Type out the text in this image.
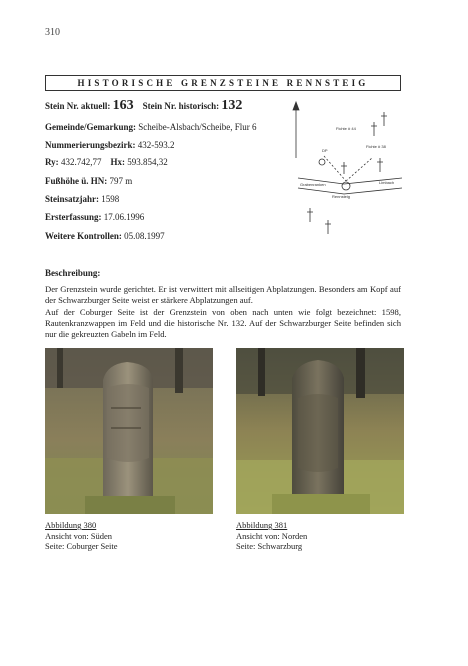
310
HISTORISCHE GRENZSTEINE RENNSTEIG
Stein Nr. aktuell: 163 Stein Nr. historisch: 132
Gemeinde/Gemarkung: Scheibe-Alsbach/Scheibe, Flur 6
Nummerierungsbezirk: 432-593.2
Ry: 432.742,77 Hx: 593.854,32
Fußhöhe ü. HN: 797 m
Steinsatzjahr: 1598
Ersterfassung: 17.06.1996
Weitere Kontrollen: 05.08.1997
Fichte # 44
Fichte # 38
DP
Grabenranken	Limbach
Rennsteig
Beschreibung:

Der Grenzstein wurde gerichtet. Er ist verwittert mit allseitigen Abplatzungen. Besonders am Kopf auf der Schwarzburger Seite weist er stärkere Abplatzungen auf.

Auf der Coburger Seite ist der Grenzstein von oben nach unten wie folgt bezeichnet: 1598, Rautenkranzwappen im Feld und die historische Nr. 132. Auf der Schwarzburger Seite befinden sich nur die gekreuzten Gabeln im Feld.

Abbildung 380
Ansicht von: Süden
Seite: Coburger Seite
Abbildung 381
Ansicht von: Norden
Seite: Schwarzburg
